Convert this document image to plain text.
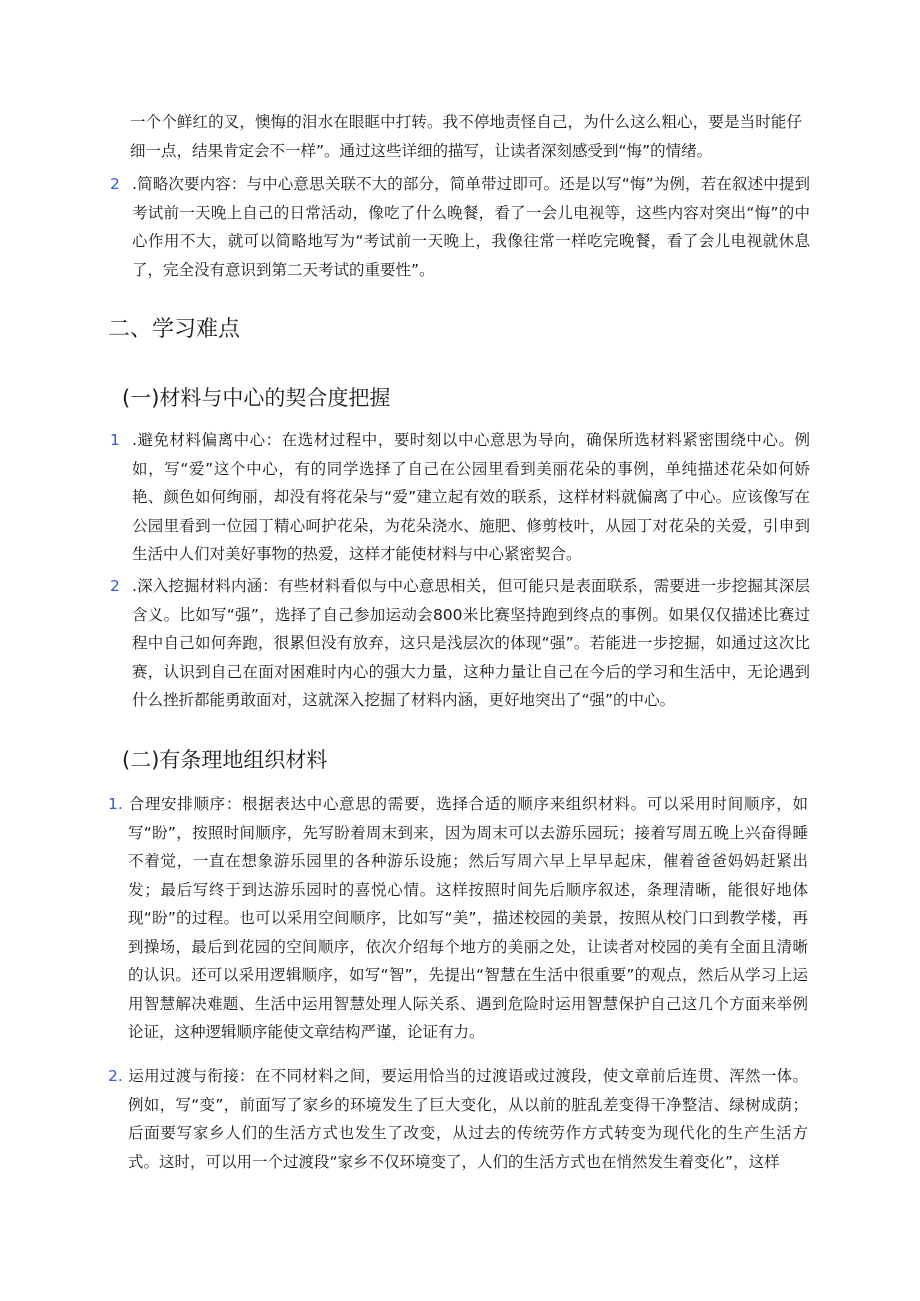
一个个鲜红的叉，懊悔的泪水在眼眶中打转。我不停地责怪自己，为什么这么粗心，要是当时能仔细一点，结果肯定会不一样”。通过这些详细的描写，让读者深刻感受到“悔”的情绪。

2 .简略次要内容：与中心意思关联不大的部分，简单带过即可。还是以写“悔”为例，若在叙述中提到考试前一天晚上自己的日常活动，像吃了什么晚餐，看了一会儿电视等，这些内容对突出“悔”的中心作用不大，就可以简略地写为“考试前一天晚上，我像往常一样吃完晚餐，看了会儿电视就休息了，完全没有意识到第二天考试的重要性”。

二、学习难点
(一)材料与中心的契合度把握

1 .避免材料偏离中心：在选材过程中，要时刻以中心意思为导向，确保所选材料紧密围绕中心。例如，写“爱”这个中心，有的同学选择了自己在公园里看到美丽花朵的事例，单纯描述花朵如何娇艳、颜色如何绚丽，却没有将花朵与“爱”建立起有效的联系，这样材料就偏离了中心。应该像写在公园里看到一位园丁精心呵护花朵，为花朵浇水、施肥、修剪枝叶，从园丁对花朵的关爱，引申到生活中人们对美好事物的热爱，这样才能使材料与中心紧密契合。

2 .深入挖掘材料内涵：有些材料看似与中心意思相关，但可能只是表面联系，需要进一步挖掘其深层含义。比如写“强”，选择了自己参加运动会800米比赛坚持跑到终点的事例。如果仅仅描述比赛过程中自己如何奔跑，很累但没有放弃，这只是浅层次的体现“强”。若能进一步挖掘，如通过这次比赛，认识到自己在面对困难时内心的强大力量，这种力量让自己在今后的学习和生活中，无论遇到什么挫折都能勇敢面对，这就深入挖掘了材料内涵，更好地突出了“强”的中心。

(二)有条理地组织材料

1. 合理安排顺序：根据表达中心意思的需要，选择合适的顺序来组织材料。可以采用时间顺序，如写“盼”，按照时间顺序，先写盼着周末到来，因为周末可以去游乐园玩；接着写周五晚上兴奋得睡不着觉，一直在想象游乐园里的各种游乐设施；然后写周六早上早早起床，催着爸爸妈妈赶紧出发；最后写终于到达游乐园时的喜悦心情。这样按照时间先后顺序叙述，条理清晰，能很好地体现“盼”的过程。也可以采用空间顺序，比如写“美”，描述校园的美景，按照从校门口到教学楼，再到操场，最后到花园的空间顺序，依次介绍每个地方的美丽之处，让读者对校园的美有全面且清晰的认识。还可以采用逻辑顺序，如写“智”，先提出“智慧在生活中很重要”的观点，然后从学习上运用智慧解决难题、生活中运用智慧处理人际关系、遇到危险时运用智慧保护自己这几个方面来举例论证，这种逻辑顺序能使文章结构严谨，论证有力。

2. 运用过渡与衔接：在不同材料之间，要运用恰当的过渡语或过渡段，使文章前后连贯、浑然一体。例如，写“变”，前面写了家乡的环境发生了巨大变化，从以前的脏乱差变得干净整洁、绿树成荫；后面要写家乡人们的生活方式也发生了改变，从过去的传统劳作方式转变为现代化的生产生活方式。这时，可以用一个过渡段“家乡不仅环境变了，人们的生活方式也在悄然发生着变化”，这样
